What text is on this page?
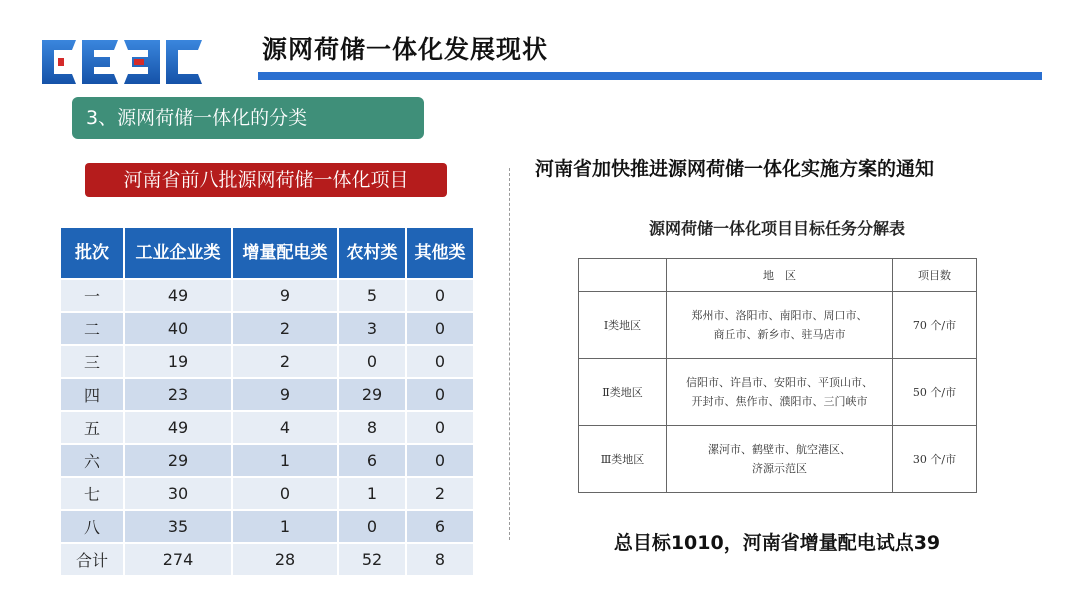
CEEC
源网荷储一体化发展现状
3、源网荷储一体化的分类
河南省前八批源网荷储一体化项目
批次	工业企业类	增量配电类	农村类	其他类
一	49	9	5	0
二	40	2	3	0
三	19	2	0	0
四	23	9	29	0
五	49	4	8	0
六	29	1	6	0
七	30	0	1	2
八	35	1	0	6
合计	274	28	52	8
河南省加快推进源网荷储一体化实施方案的通知
源网荷储一体化项目目标任务分解表
	地　区	项目数
Ⅰ类地区	郑州市、洛阳市、南阳市、周口市、
商丘市、新乡市、驻马店市	70 个/市
Ⅱ类地区	信阳市、许昌市、安阳市、平顶山市、
开封市、焦作市、濮阳市、三门峡市	50 个/市
Ⅲ类地区	漯河市、鹤壁市、航空港区、
济源示范区	30 个/市
总目标1010，河南省增量配电试点39
